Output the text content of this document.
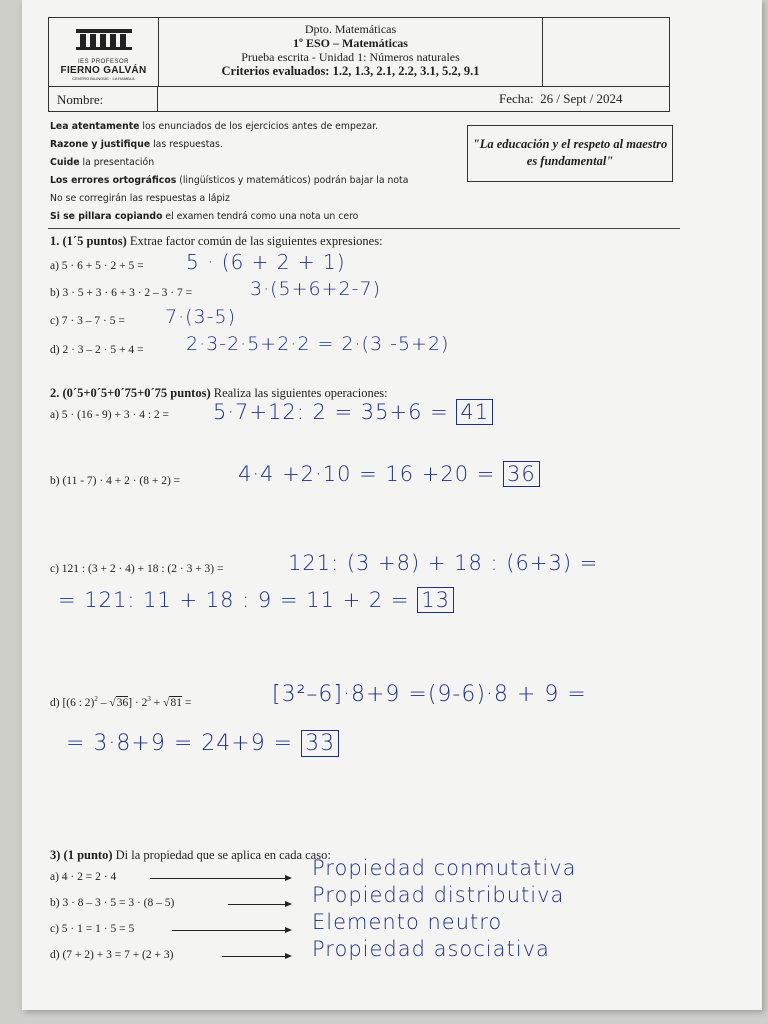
IES PROFESOR
FIERNO GALVÁN
CENTRO BILINGÜE · LA RAMBLA
Dpto. Matemáticas
1º ESO – Matemáticas
Prueba escrita - Unidad 1: Números naturales
Criterios evaluados: 1.2, 1.3, 2.1, 2.2, 3.1, 5.2, 9.1
Nombre:	Fecha: 26 / Sept / 2024
Lea atentamente los enunciados de los ejercicios antes de empezar.
Razone y justifique las respuestas.
Cuide la presentación
Los errores ortográficos (lingüísticos y matemáticos) podrán bajar la nota
No se corregirán las respuestas a lápiz
Si se pillara copiando el examen tendrá como una nota un cero
"La educación y el respeto al maestro es fundamental"
1. (1´5 puntos) Extrae factor común de las siguientes expresiones:
a) 5 · 6 + 5 · 2 + 5 = 5 · (6 + 2 + 1)
b) 3 · 5 + 3 · 6 + 3 · 2 – 3 · 7 =	3·(5+6+2-7)
c) 7 · 3 – 7 · 5 = 7·(3-5)
d) 2 · 3 – 2 · 5 + 4 = 2·3-2·5+2·2 = 2·(3 -5+2)
2. (0´5+0´5+0´75+0´75 puntos) Realiza las siguientes operaciones:
a) 5 · (16 - 9) + 3 · 4 : 2 = 5·7+12: 2 = 35+6 = 41
b) (11 - 7) · 4 + 2 · (8 + 2) =	4·4 +2·10 = 16 +20 = 36
c) 121 : (3 + 2 · 4) + 18 : (2 · 3 + 3) =	121: (3 +8) + 18 : (6+3) =
= 121: 11 + 18 : 9 = 11 + 2 = 13
d) [(6 : $2)^2 - √36] \cdot 2^3 + √81$ =	[3²–6]·8+9 =(9-6)·8 + 9 =
= 3·8+9 = 24+9 = 33
3) (1 punto) Di la propiedad que se aplica en cada caso:
a) 4 · 2 = 2 · 4	Propiedad conmutativa
b) 3 · 8 – 3 · 5 = 3 · (8 – 5)	Propiedad distributiva
c) 5 · 1 = 1 · 5 = 5	Elemento neutro
d) (7 + 2) + 3 = 7 + (2 + 3)	Propiedad asociativa
